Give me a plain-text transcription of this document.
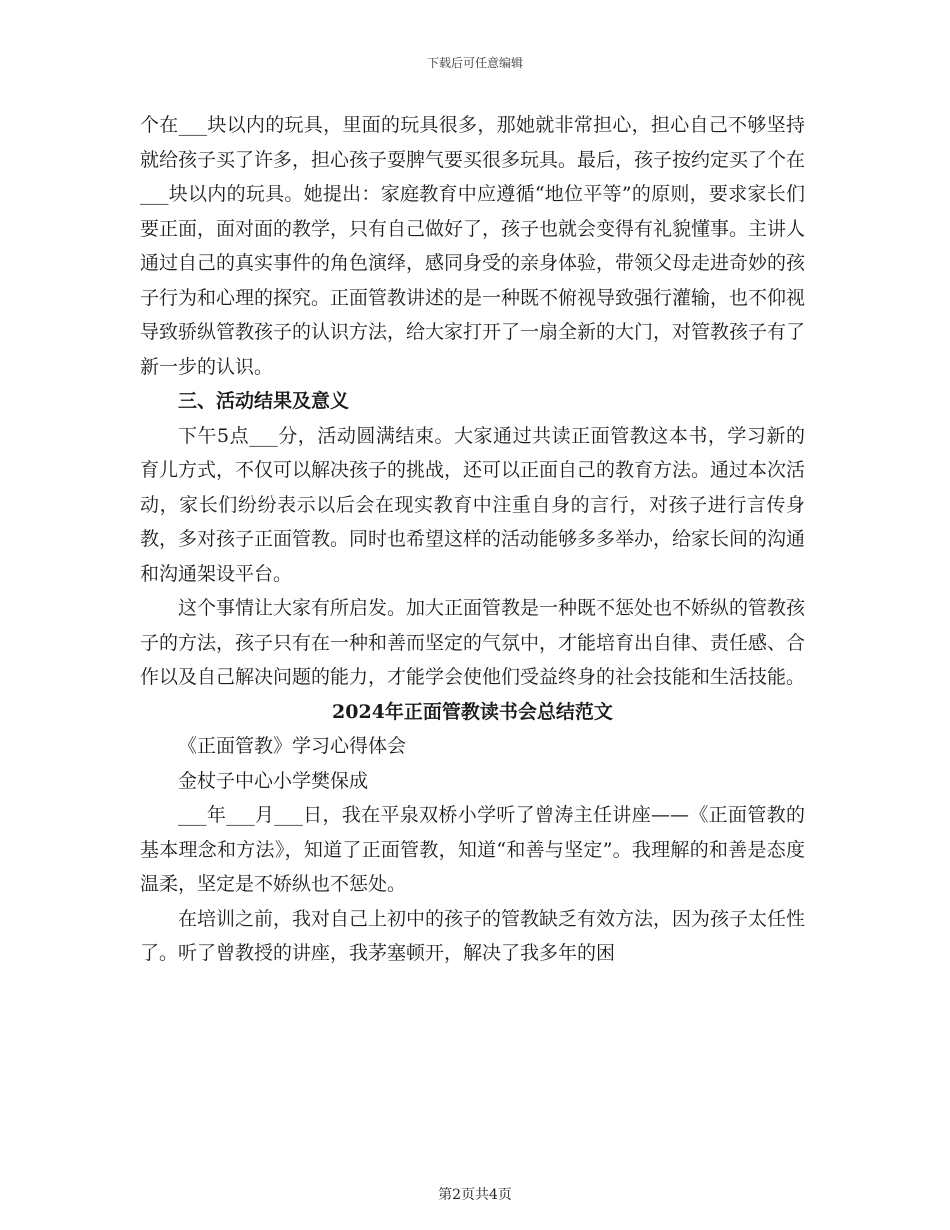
下载后可任意编辑

个在___块以内的玩具，里面的玩具很多，那她就非常担心，担心自己不够坚持就给孩子买了许多，担心孩子耍脾气要买很多玩具。最后，孩子按约定买了个在___块以内的玩具。她提出：家庭教育中应遵循“地位平等”的原则，要求家长们要正面，面对面的教学，只有自己做好了，孩子也就会变得有礼貌懂事。主讲人通过自己的真实事件的角色演绎，感同身受的亲身体验，带领父母走进奇妙的孩子行为和心理的探究。正面管教讲述的是一种既不俯视导致强行灌输，也不仰视导致骄纵管教孩子的认识方法，给大家打开了一扇全新的大门，对管教孩子有了新一步的认识。

三、活动结果及意义

下午5点___分，活动圆满结束。大家通过共读正面管教这本书，学习新的育儿方式，不仅可以解决孩子的挑战，还可以正面自己的教育方法。通过本次活动，家长们纷纷表示以后会在现实教育中注重自身的言行，对孩子进行言传身教，多对孩子正面管教。同时也希望这样的活动能够多多举办，给家长间的沟通和沟通架设平台。

这个事情让大家有所启发。加大正面管教是一种既不惩处也不娇纵的管教孩子的方法，孩子只有在一种和善而坚定的气氛中，才能培育出自律、责任感、合作以及自己解决问题的能力，才能学会使他们受益终身的社会技能和生活技能。

2024年正面管教读书会总结范文

《正面管教》学习心得体会

金杖子中心小学樊保成

___年___月___日，我在平泉双桥小学听了曾涛主任讲座——《正面管教的基本理念和方法》，知道了正面管教，知道“和善与坚定”。我理解的和善是态度温柔，坚定是不娇纵也不惩处。

在培训之前，我对自己上初中的孩子的管教缺乏有效方法，因为孩子太任性了。听了曾教授的讲座，我茅塞顿开，解决了我多年的困

第2页共4页
